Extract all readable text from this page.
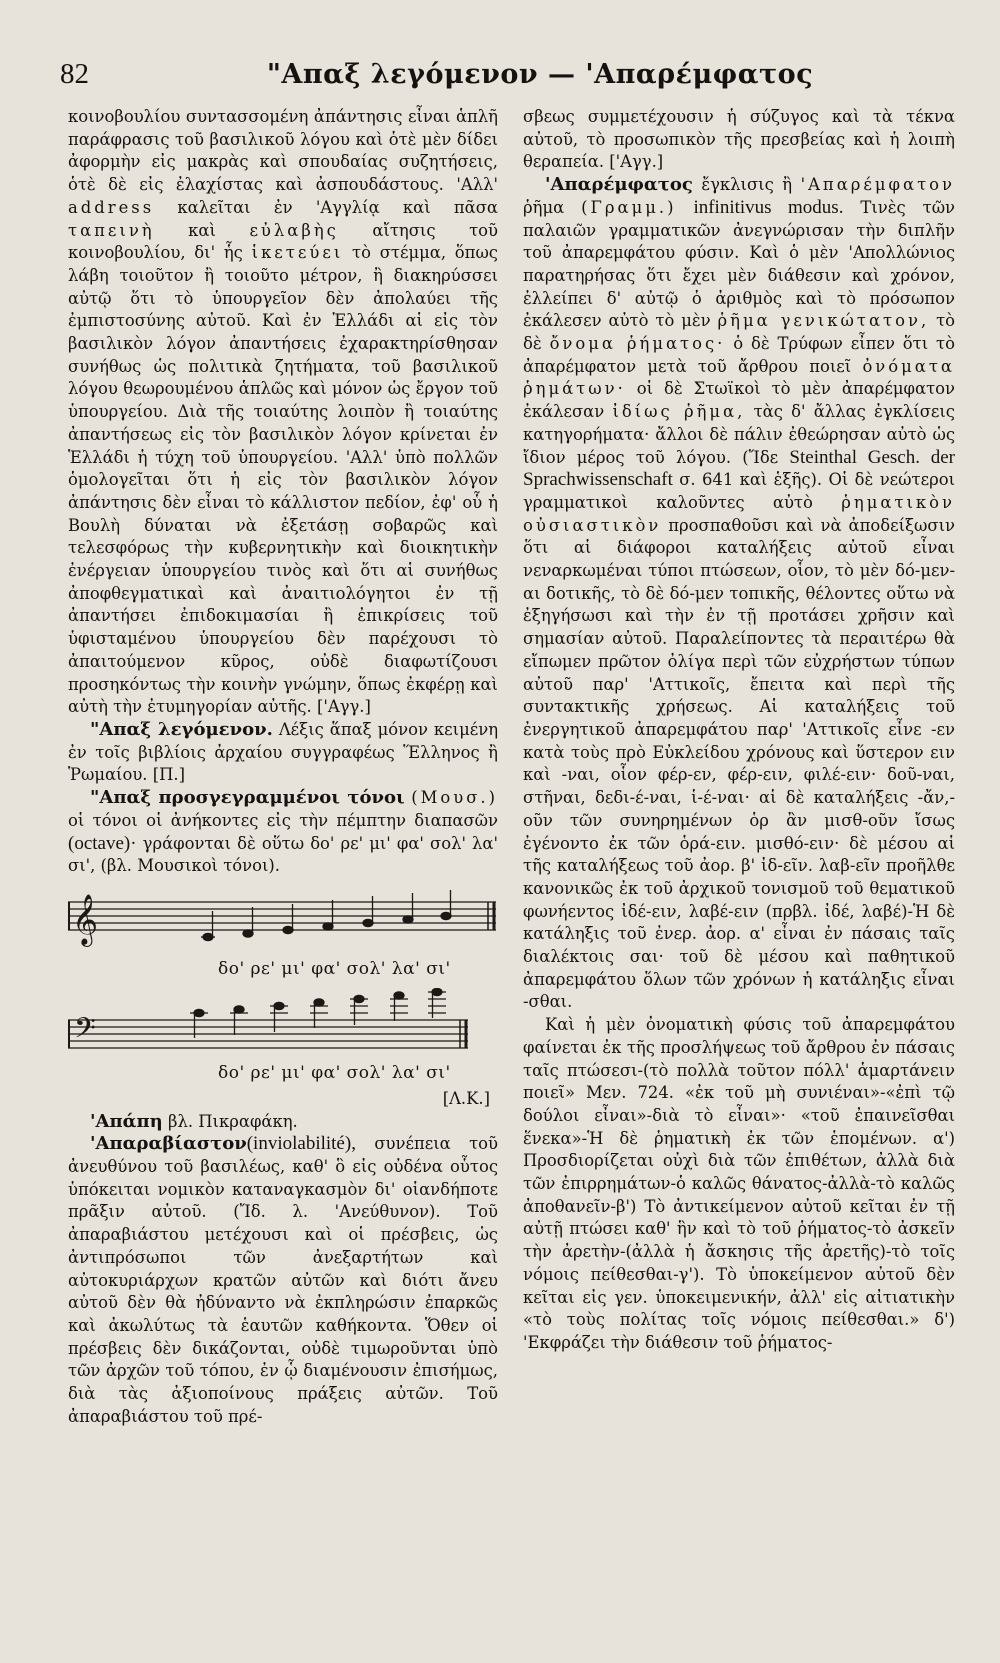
82	"Απαξ λεγόμενον — 'Απαρέμφατος

κοινοβουλίου συντασσομένη ἀπάντησις εἶναι ἁπλῆ παράφρασις τοῦ βασιλικοῦ λόγου καὶ ὁτὲ μὲν δίδει ἀφορμὴν εἰς μακρὰς καὶ σπουδαίας συζητήσεις, ὁτὲ δὲ εἰς ἐλαχίστας καὶ ἀσπουδάστους. 'Αλλ' address καλεῖται ἐν 'Αγγλίᾳ καὶ πᾶσα ταπεινὴ καὶ εὐλαβὴς αἴτησις τοῦ κοινοβουλίου, δι' ἧς ἱκετεύει τὸ στέμμα, ὅπως λάβη τοιοῦτον ἢ τοιοῦτο μέτρον, ἢ διακηρύσσει αὐτῷ ὅτι τὸ ὑπουργεῖον δὲν ἀπολαύει τῆς ἐμπιστοσύνης αὐτοῦ. Καὶ ἐν Ἑλλάδι αἱ εἰς τὸν βασιλικὸν λόγον ἀπαντήσεις ἐχαρακτηρίσθησαν συνήθως ὡς πολιτικὰ ζητήματα, τοῦ βασιλικοῦ λόγου θεωρουμένου ἁπλῶς καὶ μόνον ὡς ἔργον τοῦ ὑπουργείου. Διὰ τῆς τοιαύτης λοιπὸν ἢ τοιαύτης ἀπαντήσεως εἰς τὸν βασιλικὸν λόγον κρίνεται ἐν Ἑλλάδι ἡ τύχη τοῦ ὑπουργείου. 'Αλλ' ὑπὸ πολλῶν ὁμολογεῖται ὅτι ἡ εἰς τὸν βασιλικὸν λόγον ἀπάντησις δὲν εἶναι τὸ κάλλιστον πεδίον, ἐφ' οὗ ἡ Βουλὴ δύναται νὰ ἐξετάσῃ σοβαρῶς καὶ τελεσφόρως τὴν κυβερνητικὴν καὶ διοικητικὴν ἐνέργειαν ὑπουργείου τινὸς καὶ ὅτι αἱ συνήθως ἀποφθεγματικαὶ καὶ ἀναιτιολόγητοι ἐν τῇ ἀπαντήσει ἐπιδοκιμασίαι ἢ ἐπικρίσεις τοῦ ὑφισταμένου ὑπουργείου δὲν παρέχουσι τὸ ἀπαιτούμενον κῦρος, οὐδὲ διαφωτίζουσι προσηκόντως τὴν κοινὴν γνώμην, ὅπως ἐκφέρῃ καὶ αὐτὴ τὴν ἐτυμηγορίαν αὐτῆς. ['Αγγ.]

"Απαξ λεγόμενον. Λέξις ἅπαξ μόνον κειμένη ἐν τοῖς βιβλίοις ἀρχαίου συγγραφέως Ἕλληνος ἢ Ῥωμαίου. [Π.]

"Απαξ προσγεγραμμένοι τόνοι (Μουσ.) οἱ τόνοι οἱ ἀνήκοντες εἰς τὴν πέμπτην διαπασῶν (octave)· γράφονται δὲ οὕτω δο' ρε' μι' φα' σολ' λα' σι', (βλ. Μουσικοὶ τόνοι).

𝄞
δο' ρε' μι' φα' σολ' λα' σι'
𝄢
δο' ρε' μι' φα' σολ' λα' σι'
[Λ.Κ.]

'Απάπη βλ. Πικραφάκη.

'Απαραβίαστον(inviolabilité), συνέπεια τοῦ ἀνευθύνου τοῦ βασιλέως, καθ' ὃ εἰς οὐδένα οὗτος ὑπόκειται νομικὸν καταναγκασμὸν δι' οἱανδήποτε πρᾶξιν αὐτοῦ. (Ἴδ. λ. 'Ανεύθυνον). Τοῦ ἀπαραβιάστου μετέχουσι καὶ οἱ πρέσβεις, ὡς ἀντιπρόσωποι τῶν ἀνεξαρτήτων καὶ αὐτοκυριάρχων κρατῶν αὐτῶν καὶ διότι ἄνευ αὐτοῦ δὲν θὰ ἠδύναντο νὰ ἐκπληρώσιν ἐπαρκῶς καὶ ἀκωλύτως τὰ ἑαυτῶν καθήκοντα. Ὅθεν οἱ πρέσβεις δὲν δικάζονται, οὐδὲ τιμωροῦνται ὑπὸ τῶν ἀρχῶν τοῦ τόπου, ἐν ᾧ διαμένουσιν ἐπισήμως, διὰ τὰς ἀξιοποίνους πράξεις αὐτῶν. Τοῦ ἀπαραβιάστου τοῦ πρέ-

σβεως συμμετέχουσιν ἡ σύζυγος καὶ τὰ τέκνα αὐτοῦ, τὸ προσωπικὸν τῆς πρεσβείας καὶ ἡ λοιπὴ θεραπεία. ['Αγγ.]

'Απαρέμφατος ἔγκλισις ἢ 'Απαρέμφατον ῥῆμα (Γραμμ.) infinitivus modus. Τινὲς τῶν παλαιῶν γραμματικῶν ἀνεγνώρισαν τὴν διπλῆν τοῦ ἀπαρεμφάτου φύσιν. Καὶ ὁ μὲν 'Απολλώνιος παρατηρήσας ὅτι ἔχει μὲν διάθεσιν καὶ χρόνον, ἐλλείπει δ' αὐτῷ ὁ ἀριθμὸς καὶ τὸ πρόσωπον ἐκάλεσεν αὐτὸ τὸ μὲν ῥῆμα γενικώτατον, τὸ δὲ ὄνομα ῥήματος· ὁ δὲ Τρύφων εἶπεν ὅτι τὸ ἀπαρέμφατον μετὰ τοῦ ἄρθρου ποιεῖ ὀνόματα ῥημάτων· οἱ δὲ Στωϊκοὶ τὸ μὲν ἀπαρέμφατον ἐκάλεσαν ἰδίως ῥῆμα, τὰς δ' ἄλλας ἐγκλίσεις κατηγορήματα· ἄλλοι δὲ πάλιν ἐθεώρησαν αὐτὸ ὡς ἴδιον μέρος τοῦ λόγου. (Ἴδε Steinthal Gesch. der Sprachwissenschaft σ. 641 καὶ ἑξῆς). Οἱ δὲ νεώτεροι γραμματικοὶ καλοῦντες αὐτὸ ῥηματικὸν οὐσιαστικὸν προσπαθοῦσι καὶ νὰ ἀποδείξωσιν ὅτι αἱ διάφοροι καταλήξεις αὐτοῦ εἶναι νεναρκωμέναι τύποι πτώσεων, οἷον, τὸ μὲν δό-μεν-αι δοτικῆς, τὸ δὲ δό-μεν τοπικῆς, θέλοντες οὕτω νὰ ἐξηγήσωσι καὶ τὴν ἐν τῇ προτάσει χρῆσιν καὶ σημασίαν αὐτοῦ. Παραλείποντες τὰ περαιτέρω θὰ εἴπωμεν πρῶτον ὀλίγα περὶ τῶν εὐχρήστων τύπων αὐτοῦ παρ' 'Αττικοῖς, ἔπειτα καὶ περὶ τῆς συντακτικῆς χρήσεως. Αἱ καταλήξεις τοῦ ἐνεργητικοῦ ἀπαρεμφάτου παρ' 'Αττικοῖς εἶνε -εν κατὰ τοὺς πρὸ Εὐκλείδου χρόνους καὶ ὕστερον ειν καὶ -ναι, οἷον φέρ-εν, φέρ-ειν, φιλέ-ειν· δοῦ-ναι, στῆναι, δεδι-έ-ναι, ἱ-έ-ναι· αἱ δὲ καταλήξεις -ἄν,-οῦν τῶν συνηρημένων ὁρ ἂν μισθ-οῦν ἴσως ἐγένοντο ἐκ τῶν ὁρά-ειν. μισθό-ειν· δὲ μέσου αἱ τῆς καταλήξεως τοῦ ἀορ. β' ἰδ-εῖν. λαβ-εῖν προῆλθε κανονικῶς ἐκ τοῦ ἀρχικοῦ τονισμοῦ τοῦ θεματικοῦ φωνήεντος ἰδέ-ειν, λαβέ-ειν (πρβλ. ἰδέ, λαβέ)-Ἡ δὲ κατάληξις τοῦ ἐνερ. ἀορ. α' εἶναι ἐν πάσαις ταῖς διαλέκτοις σαι· τοῦ δὲ μέσου καὶ παθητικοῦ ἀπαρεμφάτου ὅλων τῶν χρόνων ἡ κατάληξις εἶναι -σθαι.

Καὶ ἡ μὲν ὀνοματικὴ φύσις τοῦ ἀπαρεμφάτου φαίνεται ἐκ τῆς προσλήψεως τοῦ ἄρθρου ἐν πάσαις ταῖς πτώσεσι-(τὸ πολλὰ τοῦτον πόλλ' ἁμαρτάνειν ποιεῖ» Μεν. 724. «ἐκ τοῦ μὴ συνιέναι»-«ἐπὶ τῷ δούλοι εἶναι»-διὰ τὸ εἶναι»· «τοῦ ἐπαινεῖσθαι ἕνεκα»-Ἡ δὲ ῥηματικὴ ἐκ τῶν ἑπομένων. α') Προσδιορίζεται οὐχὶ διὰ τῶν ἐπιθέτων, ἀλλὰ διὰ τῶν ἐπιρρημάτων-ὁ καλῶς θάνατος-ἀλλὰ-τὸ καλῶς ἀποθανεῖν-β') Τὸ ἀντικείμενον αὐτοῦ κεῖται ἐν τῇ αὐτῇ πτώσει καθ' ἣν καὶ τὸ τοῦ ῥήματος-τὸ ἀσκεῖν τὴν ἀρετὴν-(ἀλλὰ ἡ ἄσκησις τῆς ἀρετῆς)-τὸ τοῖς νόμοις πείθεσθαι-γ'). Τὸ ὑποκείμενον αὐτοῦ δὲν κεῖται εἰς γεν. ὑποκειμενικήν, ἀλλ' εἰς αἰτιατικὴν «τὸ τοὺς πολίτας τοῖς νόμοις πείθεσθαι.» δ') 'Εκφράζει τὴν διάθεσιν τοῦ ῥήματος-
